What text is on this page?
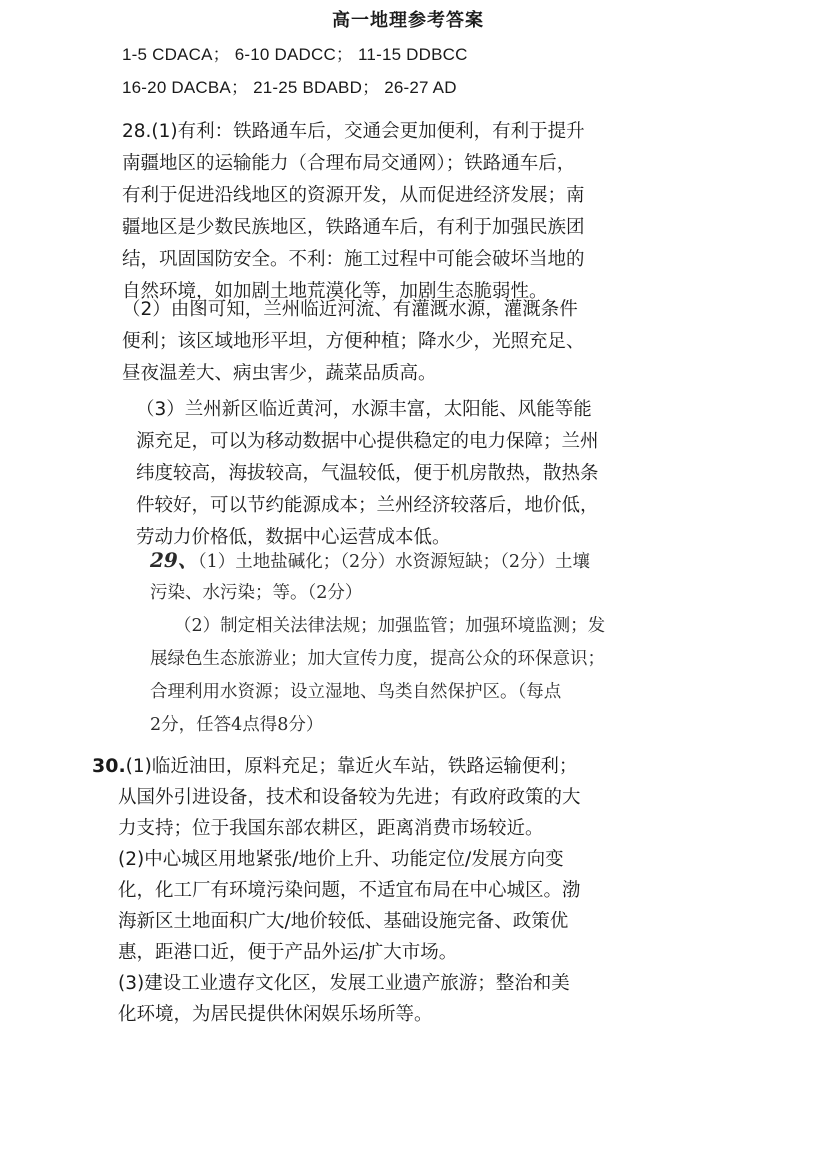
高一地理参考答案
1-5 CDACA； 6-10 DADCC； 11-15 DDBCC
16-20 DACBA； 21-25 BDABD； 26-27 AD
28.(1)有利：铁路通车后，交通会更加便利，有利于提升
南疆地区的运输能力（合理布局交通网）；铁路通车后，
有利于促进沿线地区的资源开发，从而促进经济发展；南
疆地区是少数民族地区，铁路通车后，有利于加强民族团
结，巩固国防安全。不利：施工过程中可能会破坏当地的
自然环境，如加剧土地荒漠化等，加剧生态脆弱性。
（2）由图可知，兰州临近河流、有灌溉水源，灌溉条件
便利；该区域地形平坦，方便种植；降水少，光照充足、
昼夜温差大、病虫害少，蔬菜品质高。
（3）兰州新区临近黄河，水源丰富，太阳能、风能等能
源充足，可以为移动数据中心提供稳定的电力保障；兰州
纬度较高，海拔较高，气温较低，便于机房散热，散热条
件较好，可以节约能源成本；兰州经济较落后，地价低，
劳动力价格低，数据中心运营成本低。
29、（1）土地盐碱化；（2分）水资源短缺；（2分）土壤
污染、水污染；等。（2分）
（2）制定相关法律法规；加强监管；加强环境监测；发
展绿色生态旅游业；加大宣传力度，提高公众的环保意识；
合理利用水资源；设立湿地、鸟类自然保护区。（每点
2分，任答4点得8分）
30.(1)临近油田，原料充足；靠近火车站，铁路运输便利；
从国外引进设备，技术和设备较为先进；有政府政策的大
力支持；位于我国东部农耕区，距离消费市场较近。
(2)中心城区用地紧张/地价上升、功能定位/发展方向变
化，化工厂有环境污染问题，不适宜布局在中心城区。渤
海新区土地面积广大/地价较低、基础设施完备、政策优
惠，距港口近，便于产品外运/扩大市场。
(3)建设工业遗存文化区，发展工业遗产旅游；整治和美
化环境，为居民提供休闲娱乐场所等。
